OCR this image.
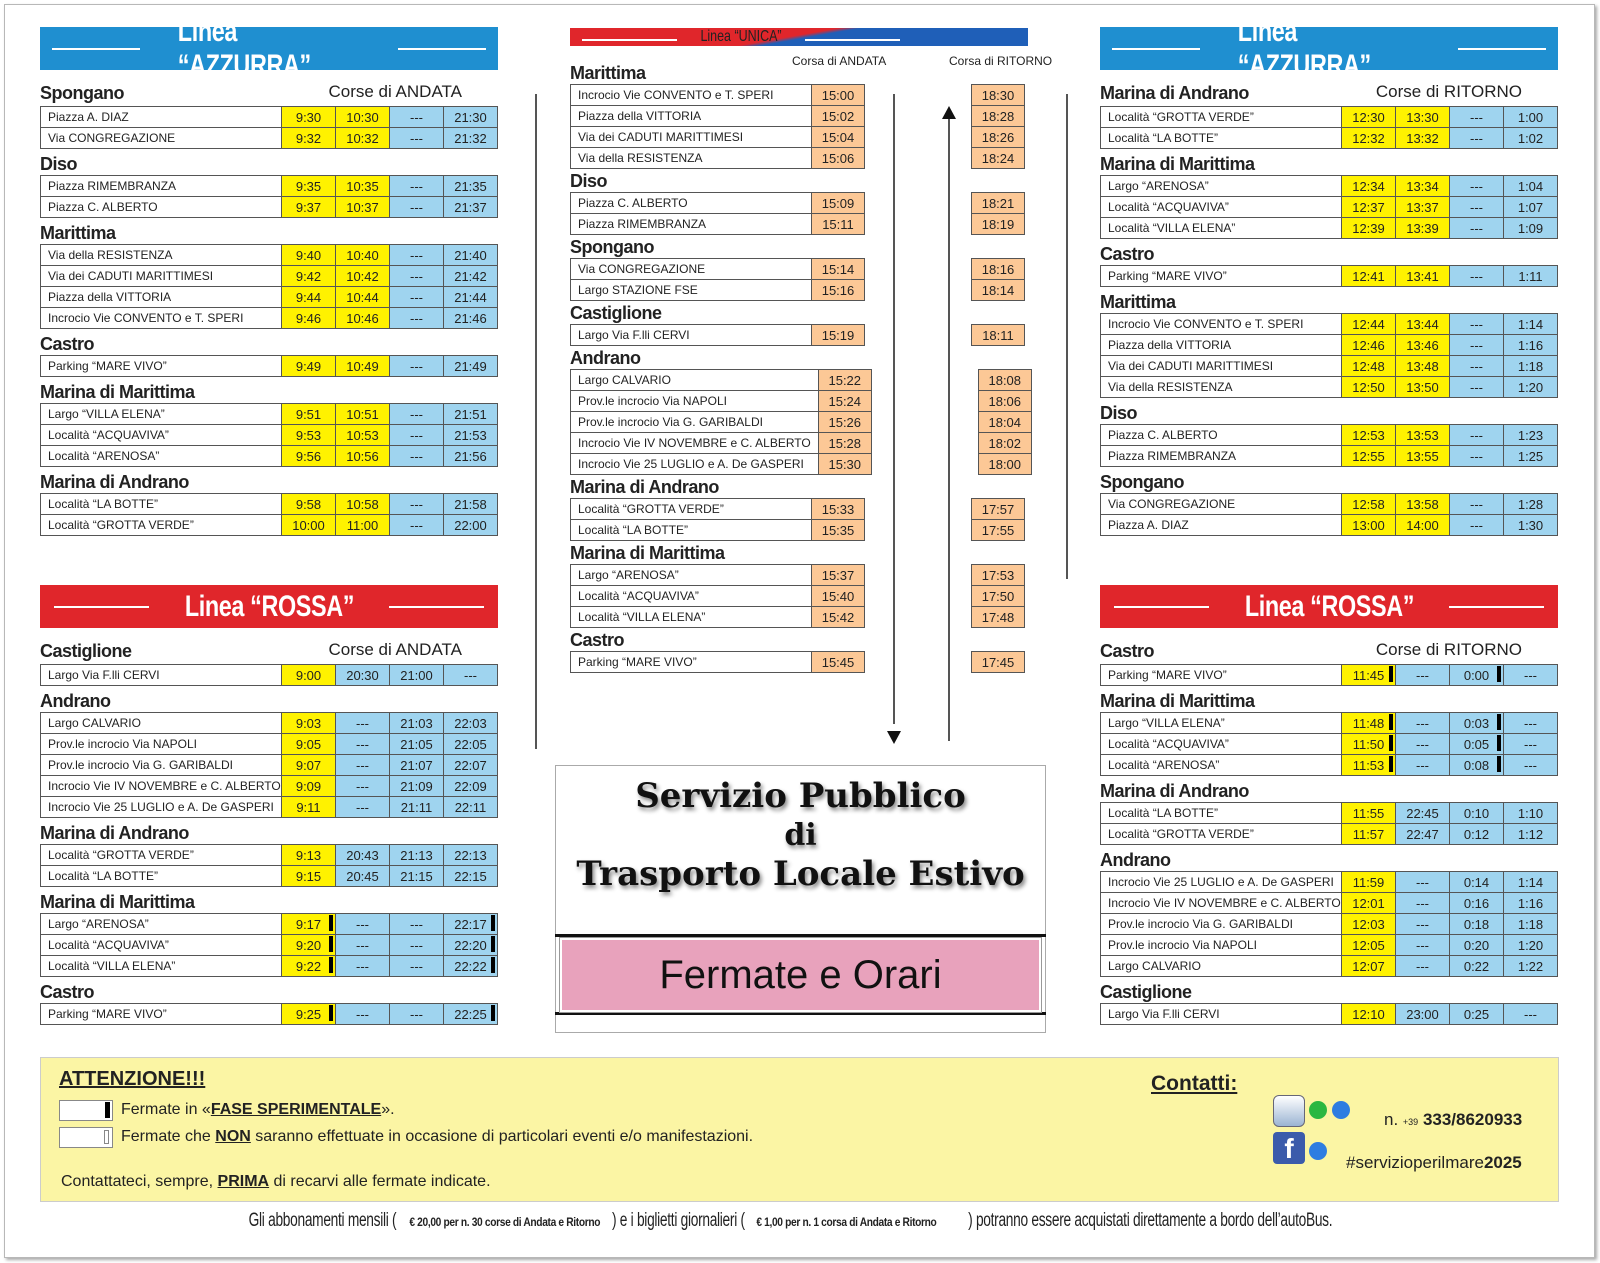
Linea “AZZURRA”
Spongano	Corse di ANDATA
Piazza A. DIAZ	9:30	10:30	---	21:30
Via CONGREGAZIONE	9:32	10:32	---	21:32
Diso
Piazza RIMEMBRANZA	9:35	10:35	---	21:35
Piazza C. ALBERTO	9:37	10:37	---	21:37
Marittima
Via della RESISTENZA	9:40	10:40	---	21:40
Via dei CADUTI MARITTIMESI	9:42	10:42	---	21:42
Piazza della VITTORIA	9:44	10:44	---	21:44
Incrocio Vie CONVENTO e T. SPERI	9:46	10:46	---	21:46
Castro
Parking “MARE VIVO”	9:49	10:49	---	21:49
Marina di Marittima
Largo “VILLA ELENA”	9:51	10:51	---	21:51
Località “ACQUAVIVA”	9:53	10:53	---	21:53
Località “ARENOSA”	9:56	10:56	---	21:56
Marina di Andrano
Località “LA BOTTE”	9:58	10:58	---	21:58
Località “GROTTA VERDE”	10:00	11:00	---	22:00
Linea “ROSSA”
Castiglione	Corse di ANDATA
Largo Via F.lli CERVI	9:00	20:30	21:00	---
Andrano
Largo CALVARIO	9:03	---	21:03	22:03
Prov.le incrocio Via NAPOLI	9:05	---	21:05	22:05
Prov.le incrocio Via G. GARIBALDI	9:07	---	21:07	22:07
Incrocio Vie IV NOVEMBRE e C. ALBERTO	9:09	---	21:09	22:09
Incrocio Vie 25 LUGLIO e A. De GASPERI	9:11	---	21:11	22:11
Marina di Andrano
Località “GROTTA VERDE”	9:13	20:43	21:13	22:13
Località “LA BOTTE”	9:15	20:45	21:15	22:15
Marina di Marittima
Largo “ARENOSA”	9:17	---	---	22:17
Località “ACQUAVIVA”	9:20	---	---	22:20
Località “VILLA ELENA”	9:22	---	---	22:22
Castro
Parking “MARE VIVO”	9:25	---	---	22:25
Linea “UNICA”
Corsa di ANDATA	Corsa di RITORNO
Marittima
Incrocio Vie CONVENTO e T. SPERI	15:00		18:30
Piazza della VITTORIA	15:02		18:28
Via dei CADUTI MARITTIMESI	15:04		18:26
Via della RESISTENZA	15:06		18:24
Diso
Piazza C. ALBERTO	15:09		18:21
Piazza RIMEMBRANZA	15:11		18:19
Spongano
Via CONGREGAZIONE	15:14		18:16
Largo STAZIONE FSE	15:16		18:14
Castiglione
Largo Via F.lli CERVI	15:19		18:11
Andrano
Largo CALVARIO	15:22		18:08
Prov.le incrocio Via NAPOLI	15:24		18:06
Prov.le incrocio Via G. GARIBALDI	15:26		18:04
Incrocio Vie IV NOVEMBRE e C. ALBERTO	15:28		18:02
Incrocio Vie 25 LUGLIO e A. De GASPERI	15:30		18:00
Marina di Andrano
Località “GROTTA VERDE”	15:33		17:57
Località “LA BOTTE”	15:35		17:55
Marina di Marittima
Largo “ARENOSA”	15:37		17:53
Località “ACQUAVIVA”	15:40		17:50
Località “VILLA ELENA”	15:42		17:48
Castro
Parking “MARE VIVO”	15:45		17:45
Servizio Pubblico
di
Trasporto Locale Estivo
Fermate e Orari
Linea “AZZURRA”
Marina di Andrano	Corse di RITORNO
Località “GROTTA VERDE”	12:30	13:30	---	1:00
Località “LA BOTTE”	12:32	13:32	---	1:02
Marina di Marittima
Largo “ARENOSA”	12:34	13:34	---	1:04
Località “ACQUAVIVA”	12:37	13:37	---	1:07
Località “VILLA ELENA”	12:39	13:39	---	1:09
Castro
Parking “MARE VIVO”	12:41	13:41	---	1:11
Marittima
Incrocio Vie CONVENTO e T. SPERI	12:44	13:44	---	1:14
Piazza della VITTORIA	12:46	13:46	---	1:16
Via dei CADUTI MARITTIMESI	12:48	13:48	---	1:18
Via della RESISTENZA	12:50	13:50	---	1:20
Diso
Piazza C. ALBERTO	12:53	13:53	---	1:23
Piazza RIMEMBRANZA	12:55	13:55	---	1:25
Spongano
Via CONGREGAZIONE	12:58	13:58	---	1:28
Piazza A. DIAZ	13:00	14:00	---	1:30
Linea “ROSSA”
Castro	Corse di RITORNO
Parking “MARE VIVO”	11:45	---	0:00	---
Marina di Marittima
Largo “VILLA ELENA”	11:48	---	0:03	---
Località “ACQUAVIVA”	11:50	---	0:05	---
Località “ARENOSA”	11:53	---	0:08	---
Marina di Andrano
Località “LA BOTTE”	11:55	22:45	0:10	1:10
Località “GROTTA VERDE”	11:57	22:47	0:12	1:12
Andrano
Incrocio Vie 25 LUGLIO e A. De GASPERI	11:59	---	0:14	1:14
Incrocio Vie IV NOVEMBRE e C. ALBERTO	12:01	---	0:16	1:16
Prov.le incrocio Via G. GARIBALDI	12:03	---	0:18	1:18
Prov.le incrocio Via NAPOLI	12:05	---	0:20	1:20
Largo CALVARIO	12:07	---	0:22	1:22
Castiglione
Largo Via F.lli CERVI	12:10	23:00	0:25	---
ATTENZIONE!!!
Fermate in «FASE SPERIMENTALE».
Fermate che NON saranno effettuate in occasione di particolari eventi e/o manifestazioni.
Contattateci, sempre, PRIMA di recarvi alle fermate indicate.
Contatti:
f
n. +39 333/8620933
#servizioperilmare2025
Gli abbonamenti mensili (€ 20,00 per n. 30 corse di Andata e Ritorno ) e i biglietti giornalieri (€ 1,00 per n. 1 corsa di Andata e Ritorno ) potranno essere acquistati direttamente a bordo dell’autoBus.
